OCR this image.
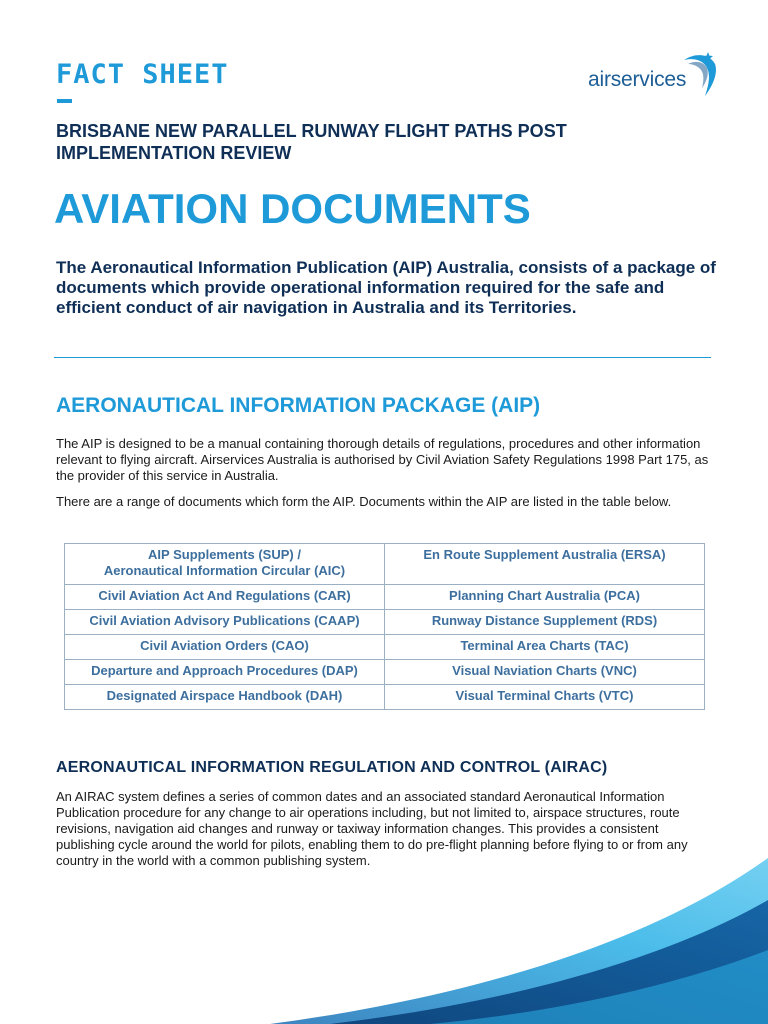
FACT SHEET	airservices
BRISBANE NEW PARALLEL RUNWAY FLIGHT PATHS POST IMPLEMENTATION REVIEW
AVIATION DOCUMENTS
The Aeronautical Information Publication (AIP) Australia, consists of a package of documents which provide operational information required for the safe and efficient conduct of air navigation in Australia and its Territories.
AERONAUTICAL INFORMATION PACKAGE (AIP)
The AIP is designed to be a manual containing thorough details of regulations, procedures and other information relevant to flying aircraft. Airservices Australia is authorised by Civil Aviation Safety Regulations 1998 Part 175, as the provider of this service in Australia.
There are a range of documents which form the AIP. Documents within the AIP are listed in the table below.
AIP Supplements (SUP) /
Aeronautical Information Circular (AIC)	En Route Supplement Australia (ERSA)
Civil Aviation Act And Regulations (CAR)	Planning Chart Australia (PCA)
Civil Aviation Advisory Publications (CAAP)	Runway Distance Supplement (RDS)
Civil Aviation Orders (CAO)	Terminal Area Charts (TAC)
Departure and Approach Procedures (DAP)	Visual Naviation Charts (VNC)
Designated Airspace Handbook (DAH)	Visual Terminal Charts (VTC)
AERONAUTICAL INFORMATION REGULATION AND CONTROL (AIRAC)
An AIRAC system defines a series of common dates and an associated standard Aeronautical Information Publication procedure for any change to air operations including, but not limited to, airspace structures, route revisions, navigation aid changes and runway or taxiway information changes. This provides a consistent publishing cycle around the world for pilots, enabling them to do pre-flight planning before flying to or from any country in the world with a common publishing system.
